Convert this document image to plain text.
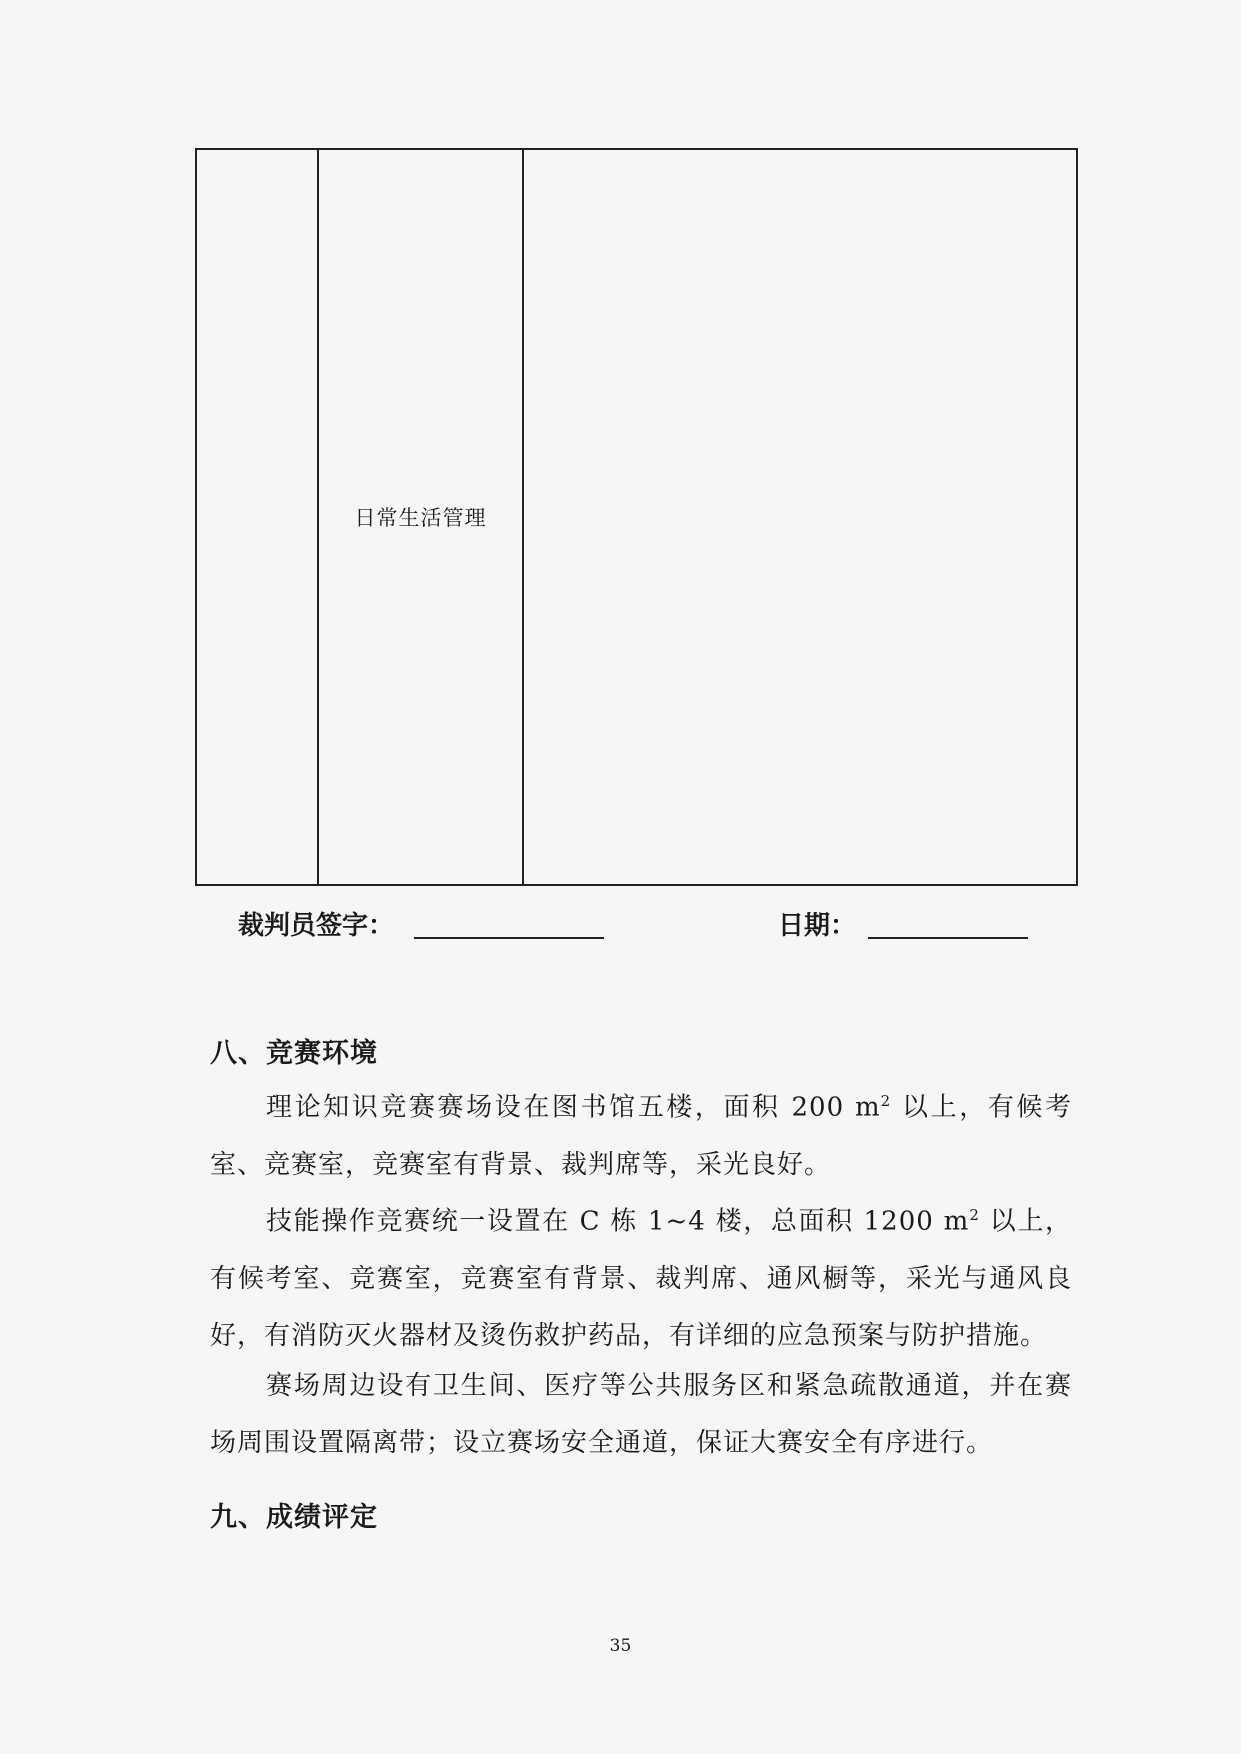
日常生活管理
裁判员签字：	日期：
八、竞赛环境
理论知识竞赛赛场设在图书馆五楼，面积 200 $m^2$ 以上，有候考室、竞赛室，竞赛室有背景、裁判席等，采光良好。
技能操作竞赛统一设置在 C 栋 1~4 楼，总面积 1200 $m^2$ 以上，有候考室、竞赛室，竞赛室有背景、裁判席、通风橱等，采光与通风良好，有消防灭火器材及烫伤救护药品，有详细的应急预案与防护措施。
赛场周边设有卫生间、医疗等公共服务区和紧急疏散通道，并在赛场周围设置隔离带；设立赛场安全通道，保证大赛安全有序进行。
九、成绩评定
35
